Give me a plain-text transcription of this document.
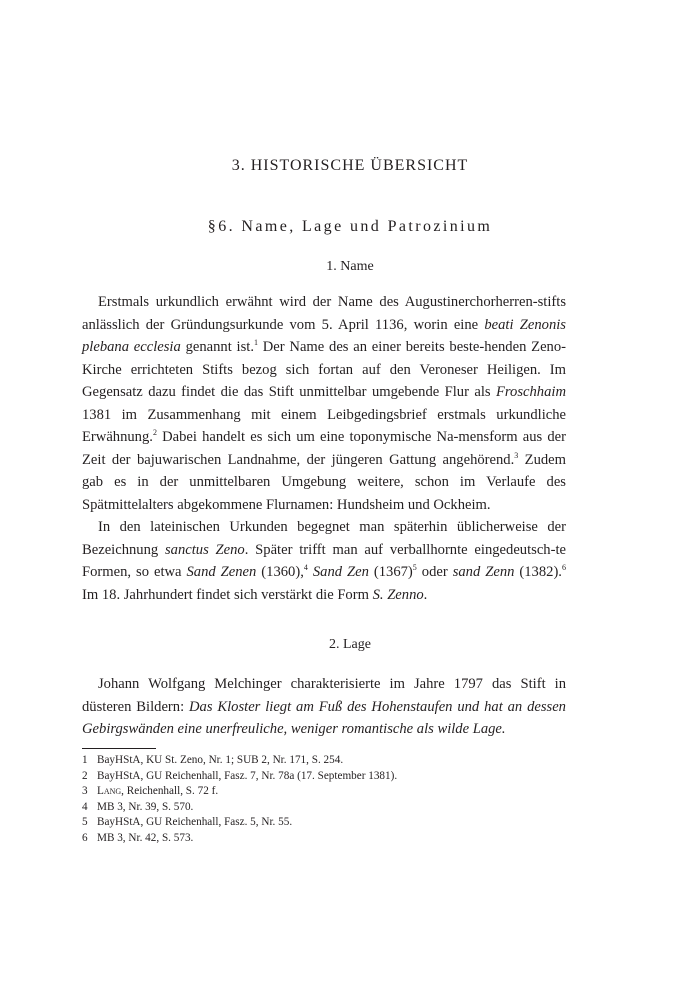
3. HISTORISCHE ÜBERSICHT
§6. Name, Lage und Patrozinium
1. Name

Erstmals urkundlich erwähnt wird der Name des Augustinerchorherren-stifts anlässlich der Gründungsurkunde vom 5. April 1136, worin eine beati Zenonis plebana ecclesia genannt ist.$^1$ Der Name des an einer bereits beste-henden Zeno-Kirche errichteten Stifts bezog sich fortan auf den Veroneser Heiligen. Im Gegensatz dazu findet die das Stift unmittelbar umgebende Flur als Froschhaim 1381 im Zusammenhang mit einem Leibgedingsbrief erstmals urkundliche Erwähnung.$^2$ Dabei handelt es sich um eine toponymische Na-mensform aus der Zeit der bajuwarischen Landnahme, der jüngeren Gattung angehörend.$^3$ Zudem gab es in der unmittelbaren Umgebung weitere, schon im Verlaufe des Spätmittelalters abgekommene Flurnamen: Hundsheim und Ockheim.

In den lateinischen Urkunden begegnet man späterhin üblicherweise der Bezeichnung sanctus Zeno. Später trifft man auf verballhornte eingedeutsch-te Formen, so etwa Sand Zenen (1360),$^4$ Sand Zen $(1367)^5$ oder sand Zenn (1382).$^6$ Im 18. Jahrhundert findet sich verstärkt die Form S. Zenno.

2. Lage

Johann Wolfgang Melchinger charakterisierte im Jahre 1797 das Stift in düsteren Bildern: Das Kloster liegt am Fuß des Hohenstaufen und hat an dessen Gebirgswänden eine unerfreuliche, weniger romantische als wilde Lage.

1 BayHStA, KU St. Zeno, Nr. 1; SUB 2, Nr. 171, S. 254.
2 BayHStA, GU Reichenhall, Fasz. 7, Nr. 78a (17. September 1381).
3 Lang, Reichenhall, S. 72 f.
4 MB 3, Nr. 39, S. 570.
5 BayHStA, GU Reichenhall, Fasz. 5, Nr. 55.
6 MB 3, Nr. 42, S. 573.
